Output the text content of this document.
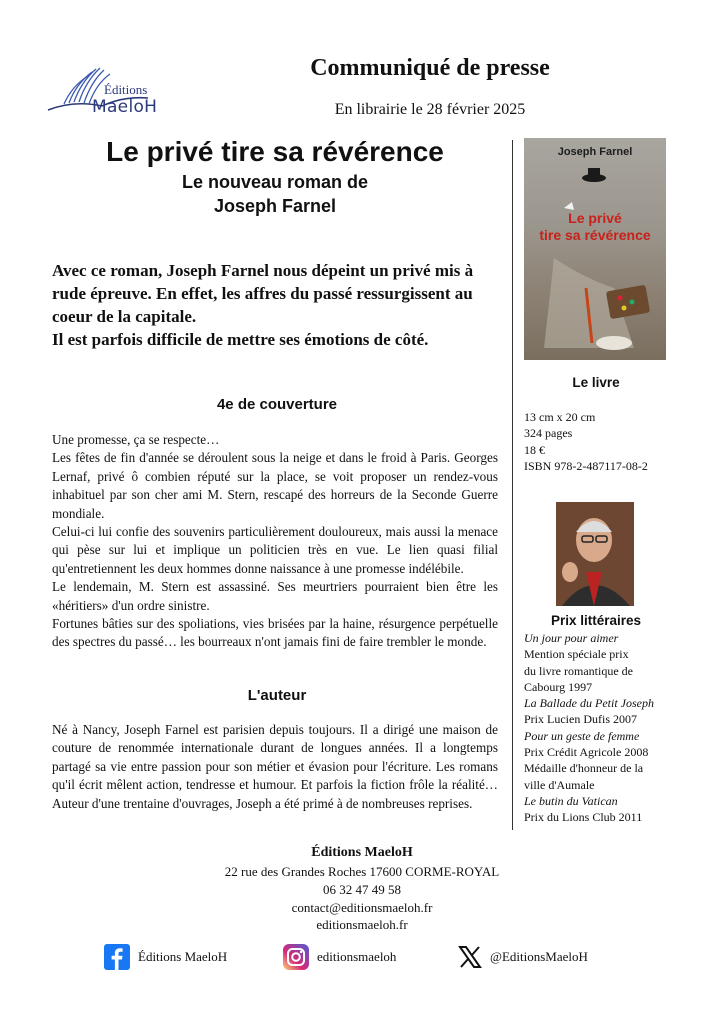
Éditions
MaeloH
Communiqué de presse
En librairie le 28 février 2025
Le privé tire sa révérence
Le nouveau roman de
Joseph Farnel

Avec ce roman, Joseph Farnel nous dépeint un privé mis à rude épreuve. En effet, les affres du passé ressurgissent au coeur de la capitale.

Il est parfois difficile de mettre ses émotions de côté.

4e de couverture

Une promesse, ça se respecte…

Les fêtes de fin d'année se déroulent sous la neige et dans le froid à Paris. Georges Lernaf, privé ô combien réputé sur la place, se voit proposer un rendez-vous inhabituel par son cher ami M. Stern, rescapé des horreurs de la Seconde Guerre mondiale.

Celui-ci lui confie des souvenirs particulièrement douloureux, mais aussi la menace qui pèse sur lui et implique un politicien très en vue. Le lien quasi filial qu'entretiennent les deux hommes donne naissance à une promesse indélébile.

Le lendemain, M. Stern est assassiné. Ses meurtriers pourraient bien être les «héritiers» d'un ordre sinistre.

Fortunes bâties sur des spoliations, vies brisées par la haine, résurgence perpétuelle des spectres du passé… les bourreaux n'ont jamais fini de faire trembler le monde.

L'auteur

Né à Nancy, Joseph Farnel est parisien depuis toujours. Il a dirigé une maison de couture de renommée internationale durant de longues années. Il a longtemps partagé sa vie entre passion pour son métier et évasion pour l'écriture. Les romans qu'il écrit mêlent action, tendresse et humour. Et parfois la fiction frôle la réalité… Auteur d'une trentaine d'ouvrages, Joseph a été primé à de nombreuses reprises.

Joseph Farnel
Le privé
tire sa révérence
Le livre
13 cm x 20 cm
324 pages
18 €
ISBN 978-2-487117-08-2
Prix littéraires
Un jour pour aimer
Mention spéciale prix
du livre romantique de
Cabourg 1997
La Ballade du Petit Joseph
Prix Lucien Dufis 2007
Pour un geste de femme
Prix Crédit Agricole 2008
Médaille d'honneur de la
ville d'Aumale
Le butin du Vatican
Prix du Lions Club 2011
Éditions MaeloH
22 rue des Grandes Roches 17600 CORME-ROYAL
06 32 47 49 58
contact@editionsmaeloh.fr
editionsmaeloh.fr
Éditions MaeloH	editionsmaeloh	@EditionsMaeloH
